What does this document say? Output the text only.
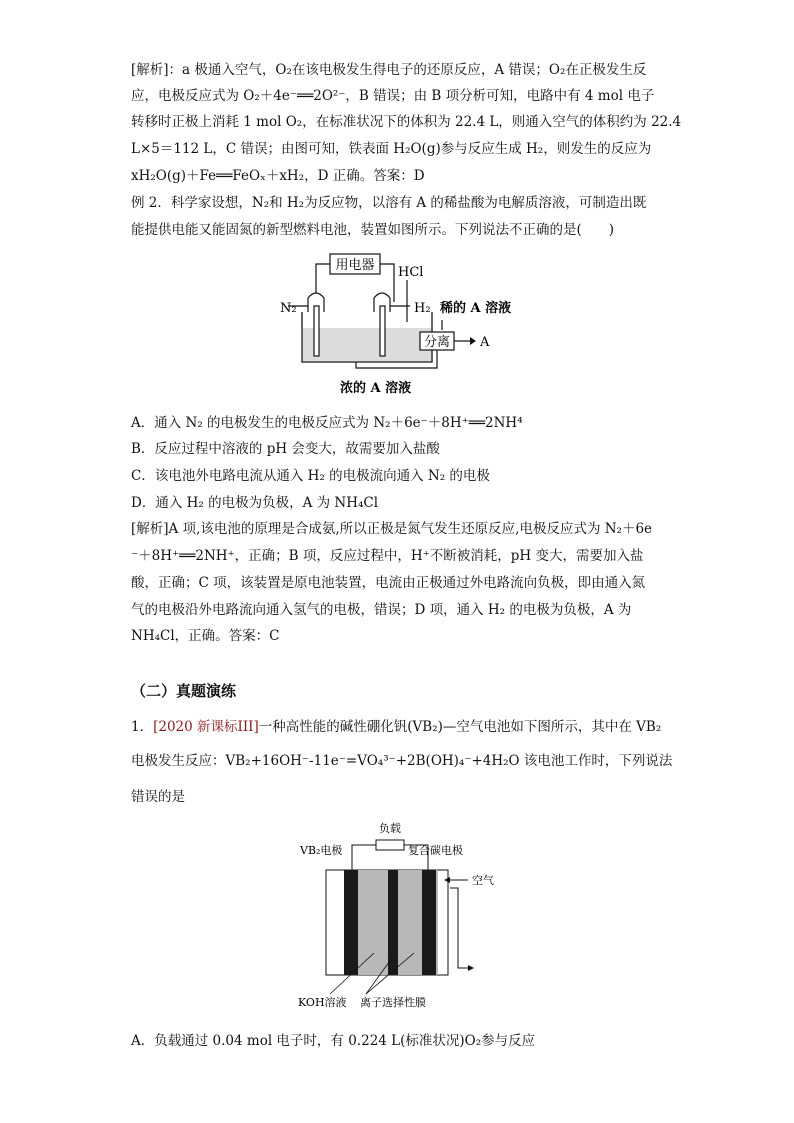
[解析]：a 极通入空气，O₂在该电极发生得电子的还原反应，A 错误；O₂在正极发生反
应，电极反应式为 O₂＋4e⁻══2O²⁻，B 错误；由 B 项分析可知，电路中有 4 mol 电子
转移时正极上消耗 1 mol O₂，在标准状况下的体积为 22.4 L，则通入空气的体积约为 22.4
L×5＝112 L，C 错误；由图可知，铁表面 H₂O(g)参与反应生成 H₂，则发生的反应为
xH₂O(g)＋Fe══FeOₓ＋xH₂，D 正确。答案：D
例 2．科学家设想，N₂和 H₂为反应物，以溶有 A 的稀盐酸为电解质溶液，可制造出既
能提供电能又能固氮的新型燃料电池，装置如图所示。下列说法不正确的是(　　)
用电器 HCl
N₂	H₂ 稀的 A 溶液
分离 A
浓的 A 溶液
A．通入 N₂ 的电极发生的电极反应式为 N₂＋6e⁻＋8H⁺══2NH⁴
B．反应过程中溶液的 pH 会变大，故需要加入盐酸
C．该电池外电路电流从通入 H₂ 的电极流向通入 N₂ 的电极
D．通入 H₂ 的电极为负极，A 为 NH₄Cl
[解析]A 项,该电池的原理是合成氨,所以正极是氮气发生还原反应,电极反应式为 N₂＋6e
⁻＋8H⁺══2NH⁺，正确；B 项，反应过程中，H⁺不断被消耗，pH 变大，需要加入盐
酸，正确；C 项，该装置是原电池装置，电流由正极通过外电路流向负极，即由通入氮
气的电极沿外电路流向通入氢气的电极，错误；D 项，通入 H₂ 的电极为负极，A 为
NH₄Cl，正确。答案：C
（二）真题演练
1．[2020 新课标III]一种高性能的碱性硼化钒(VB₂)—空气电池如下图所示，其中在 VB₂
电极发生反应：VB₂+16OH⁻-11e⁻=VO₄³⁻+2B(OH)₄⁻+4H₂O 该电池工作时，下列说法
错误的是
负载
VB₂电极	复合碳电极
空气
KOH溶液 离子选择性膜
A．负载通过 0.04 mol 电子时，有 0.224 L(标准状况)O₂参与反应
